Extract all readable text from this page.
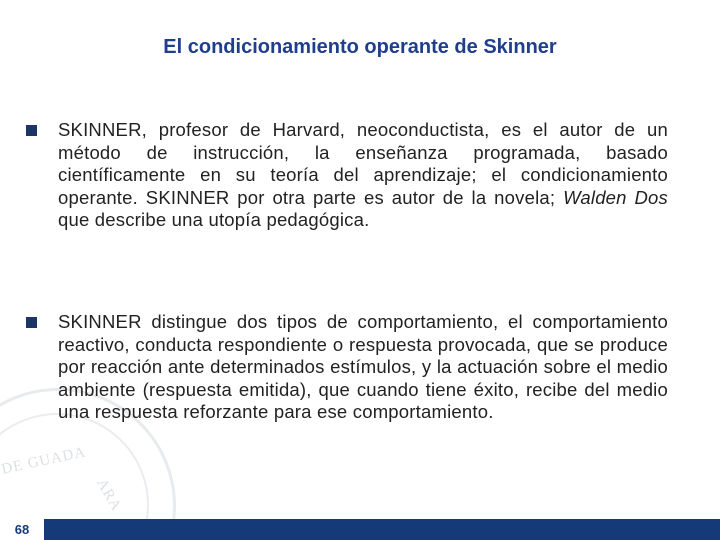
DE GUADA
ARA
El condicionamiento operante de Skinner
SKINNER, profesor de Harvard, neoconductista, es el autor de un método de instrucción, la enseñanza programada, basado científicamente en su teoría del aprendizaje; el condicionamiento operante. SKINNER por otra parte es autor de la novela; Walden Dos que describe una utopía pedagógica.
SKINNER distingue dos tipos de comportamiento, el comportamiento reactivo, conducta respondiente o respuesta provocada, que se produce por reacción ante determinados estímulos, y la actuación sobre el medio ambiente (respuesta emitida), que cuando tiene éxito, recibe del medio una respuesta reforzante para ese comportamiento.
68
